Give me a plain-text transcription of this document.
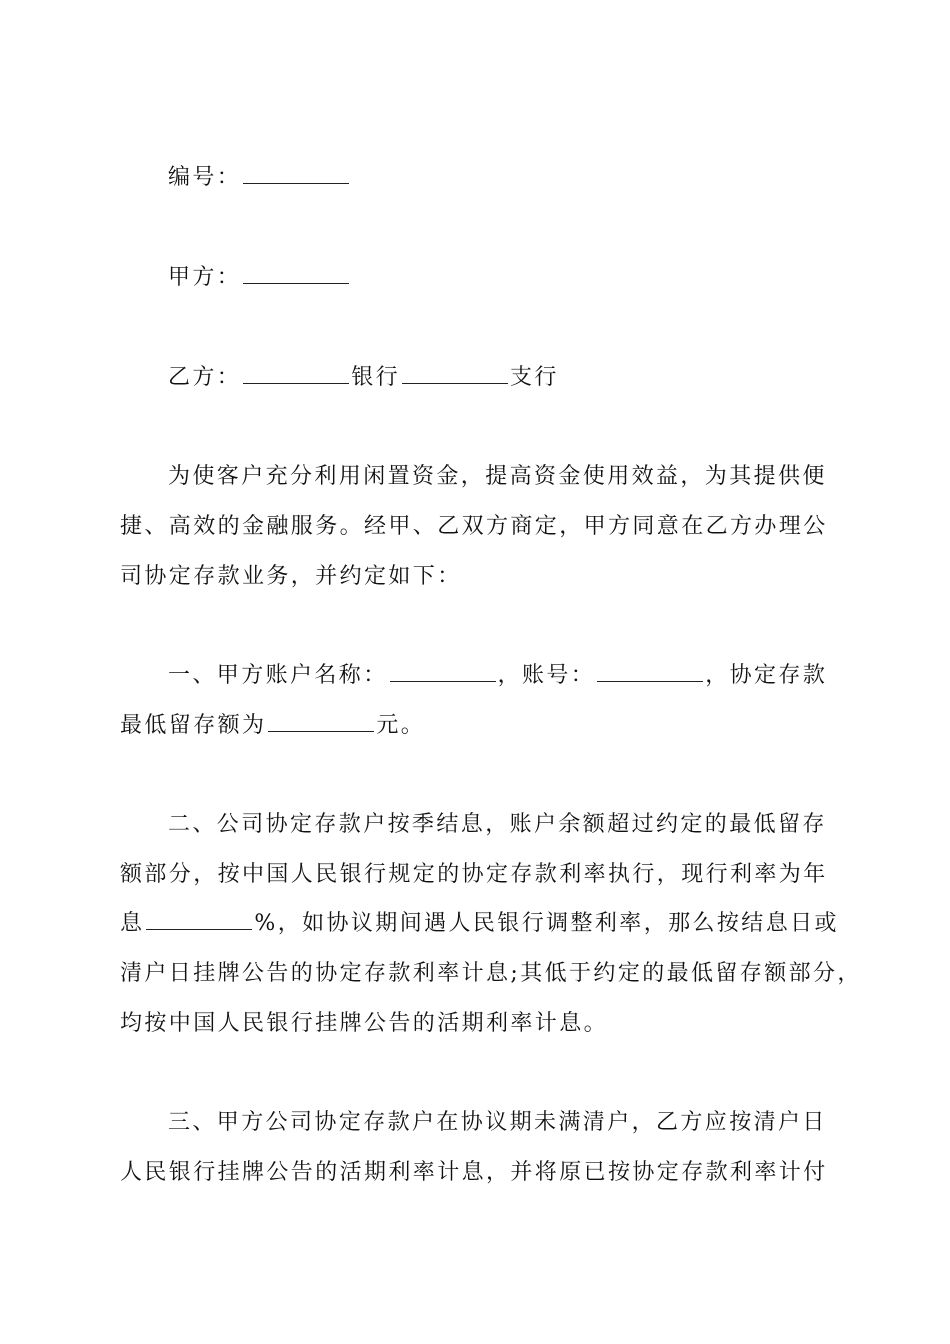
编号：
甲方：
乙方：	银行	支行
为使客户充分利用闲置资金，提高资金使用效益，为其提供便
捷、高效的金融服务。经甲、乙双方商定，甲方同意在乙方办理公
司协定存款业务，并约定如下：
一、甲方账户名称：	，账号：	，协定存款
最低留存额为	元。
二、公司协定存款户按季结息，账户余额超过约定的最低留存
额部分，按中国人民银行规定的协定存款利率执行，现行利率为年
息	%，如协议期间遇人民银行调整利率，那么按结息日或
清户日挂牌公告的协定存款利率计息;其低于约定的最低留存额部分，
均按中国人民银行挂牌公告的活期利率计息。
三、甲方公司协定存款户在协议期未满清户，乙方应按清户日
人民银行挂牌公告的活期利率计息，并将原已按协定存款利率计付
